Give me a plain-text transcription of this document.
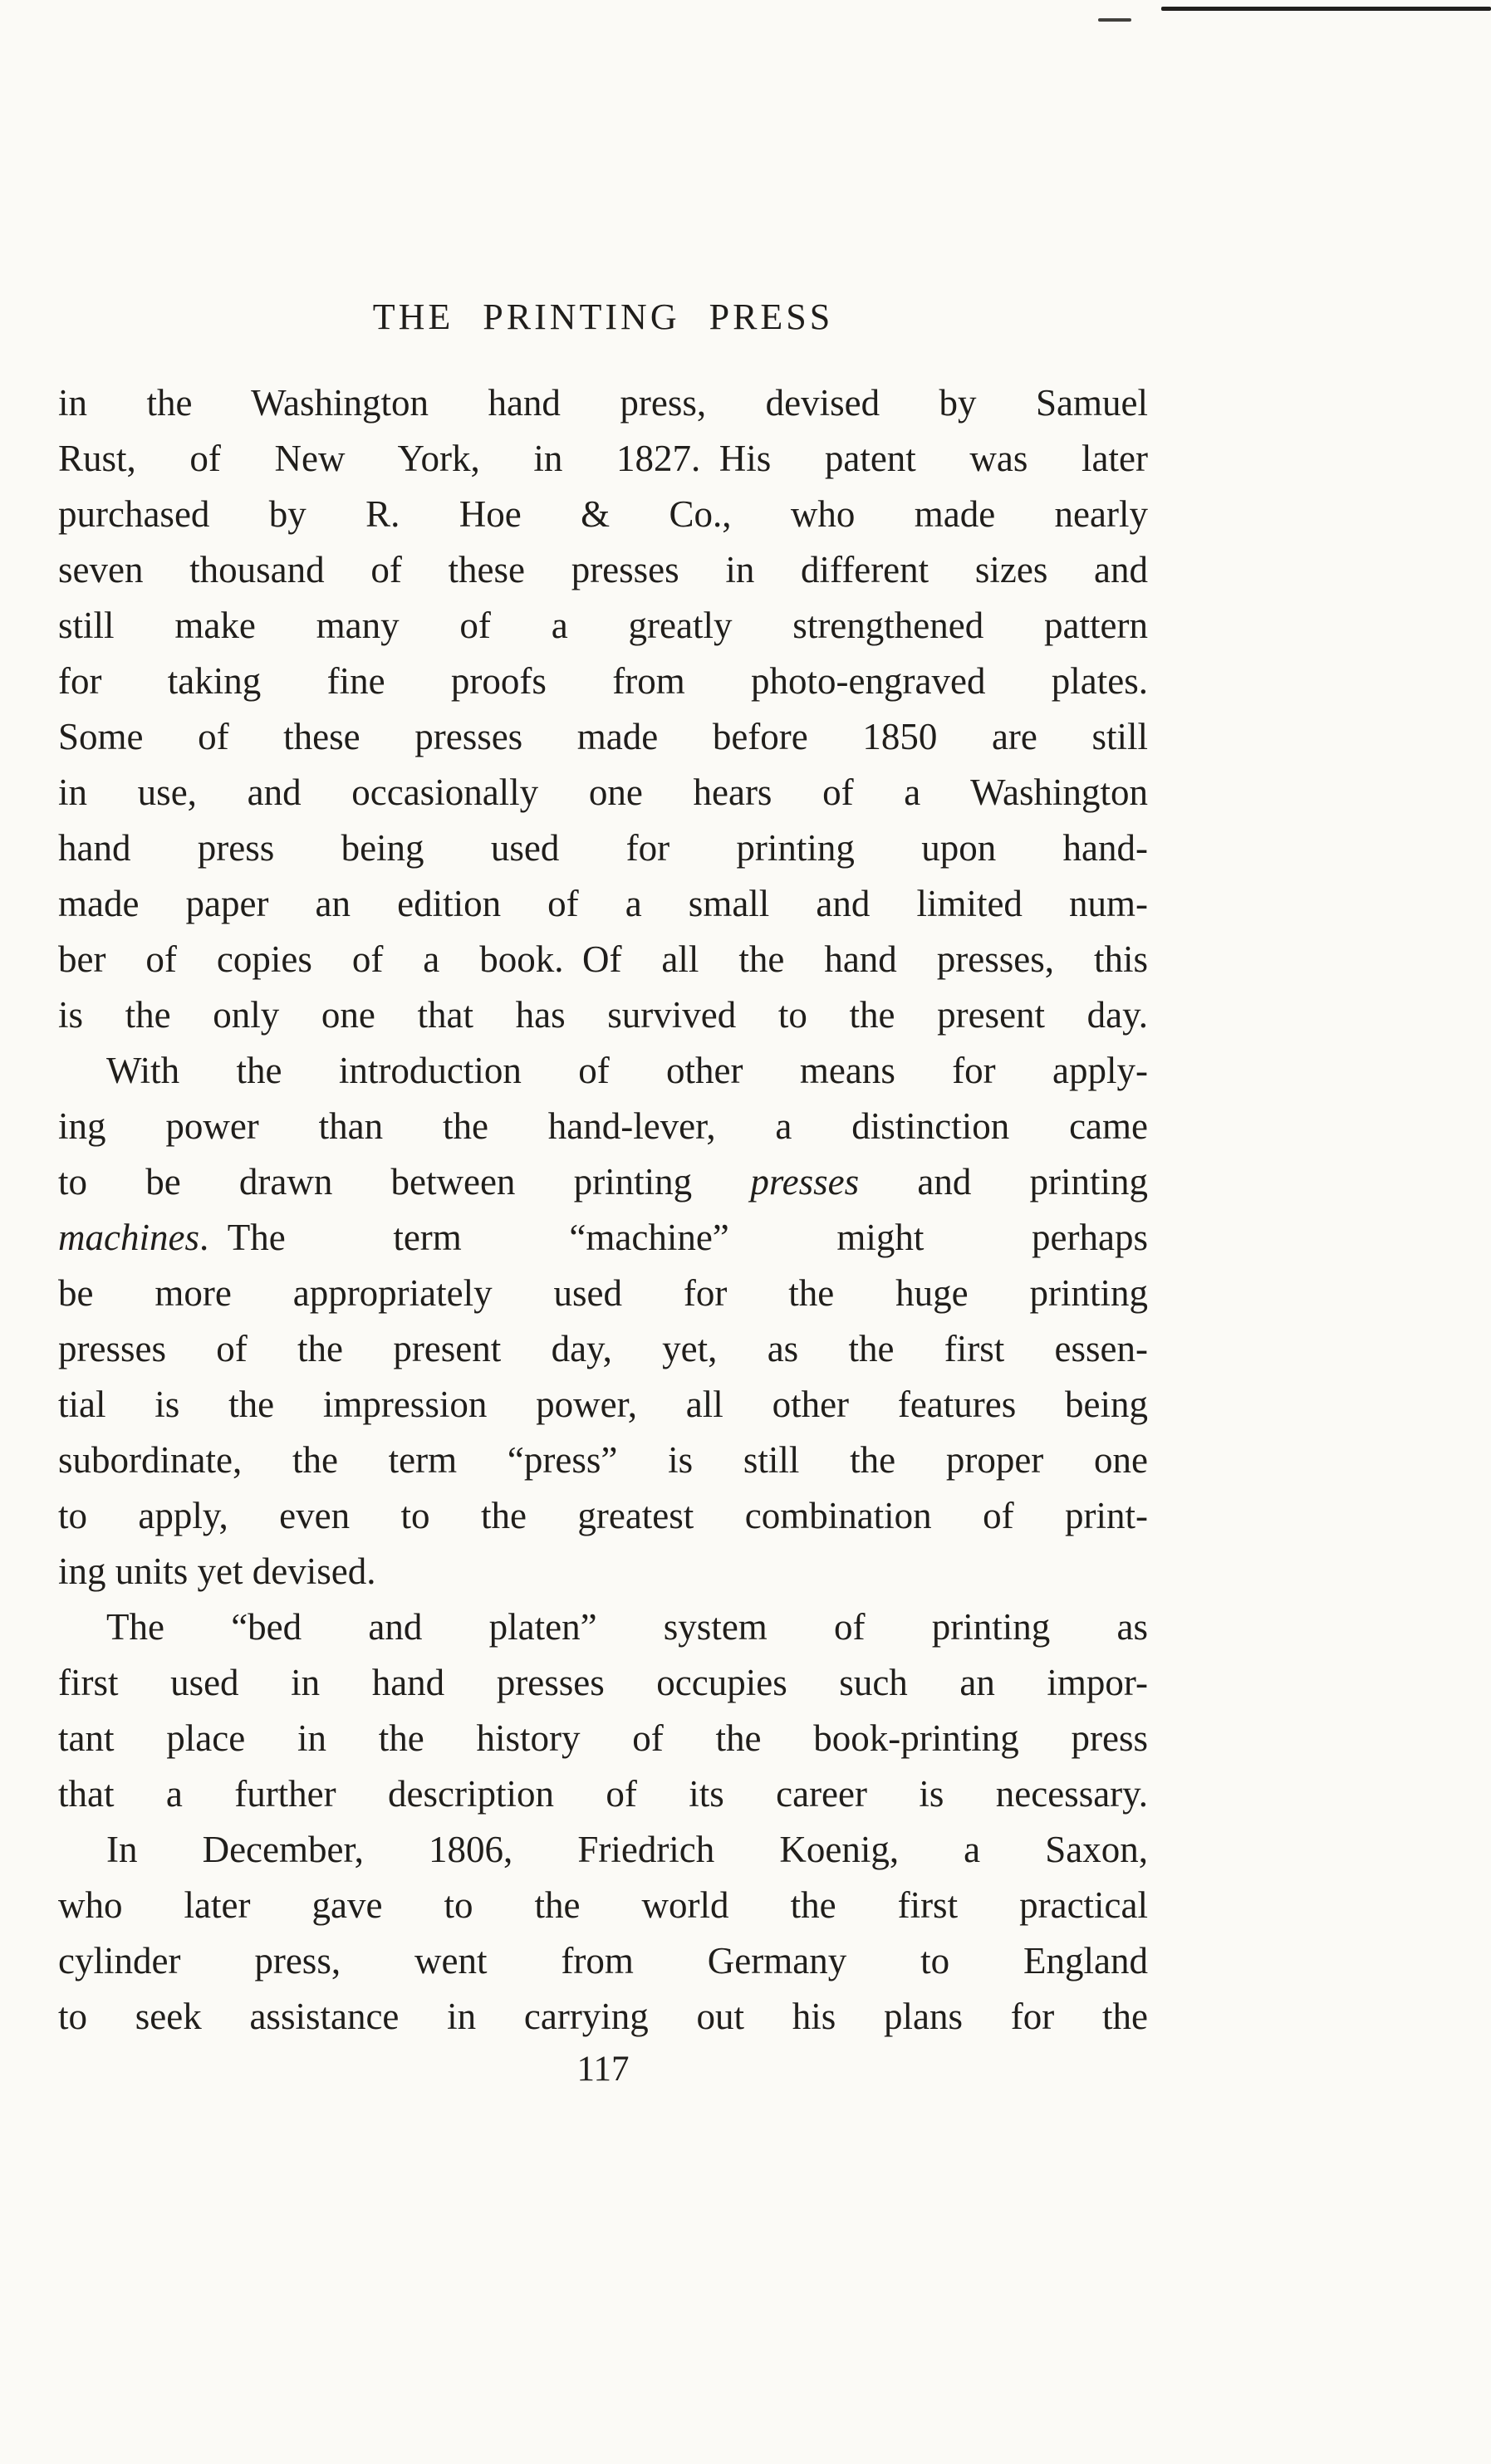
THE PRINTING PRESS
in the Washington hand press, devised by Samuel
Rust, of New York, in 1827. His patent was later
purchased by R. Hoe & Co., who made nearly
seven thousand of these presses in different sizes and
still make many of a greatly strengthened pattern
for taking fine proofs from photo-engraved plates.
Some of these presses made before 1850 are still
in use, and occasionally one hears of a Washington
hand press being used for printing upon hand-
made paper an edition of a small and limited num-
ber of copies of a book. Of all the hand presses, this
is the only one that has survived to the present day.
With the introduction of other means for apply-
ing power than the hand-lever, a distinction came
to be drawn between printing presses and printing
machines. The term “machine” might perhaps
be more appropriately used for the huge printing
presses of the present day, yet, as the first essen-
tial is the impression power, all other features being
subordinate, the term “press” is still the proper one
to apply, even to the greatest combination of print-
ing units yet devised.
The “bed and platen” system of printing as
first used in hand presses occupies such an impor-
tant place in the history of the book-printing press
that a further description of its career is necessary.
In December, 1806, Friedrich Koenig, a Saxon,
who later gave to the world the first practical
cylinder press, went from Germany to England
to seek assistance in carrying out his plans for the
117
